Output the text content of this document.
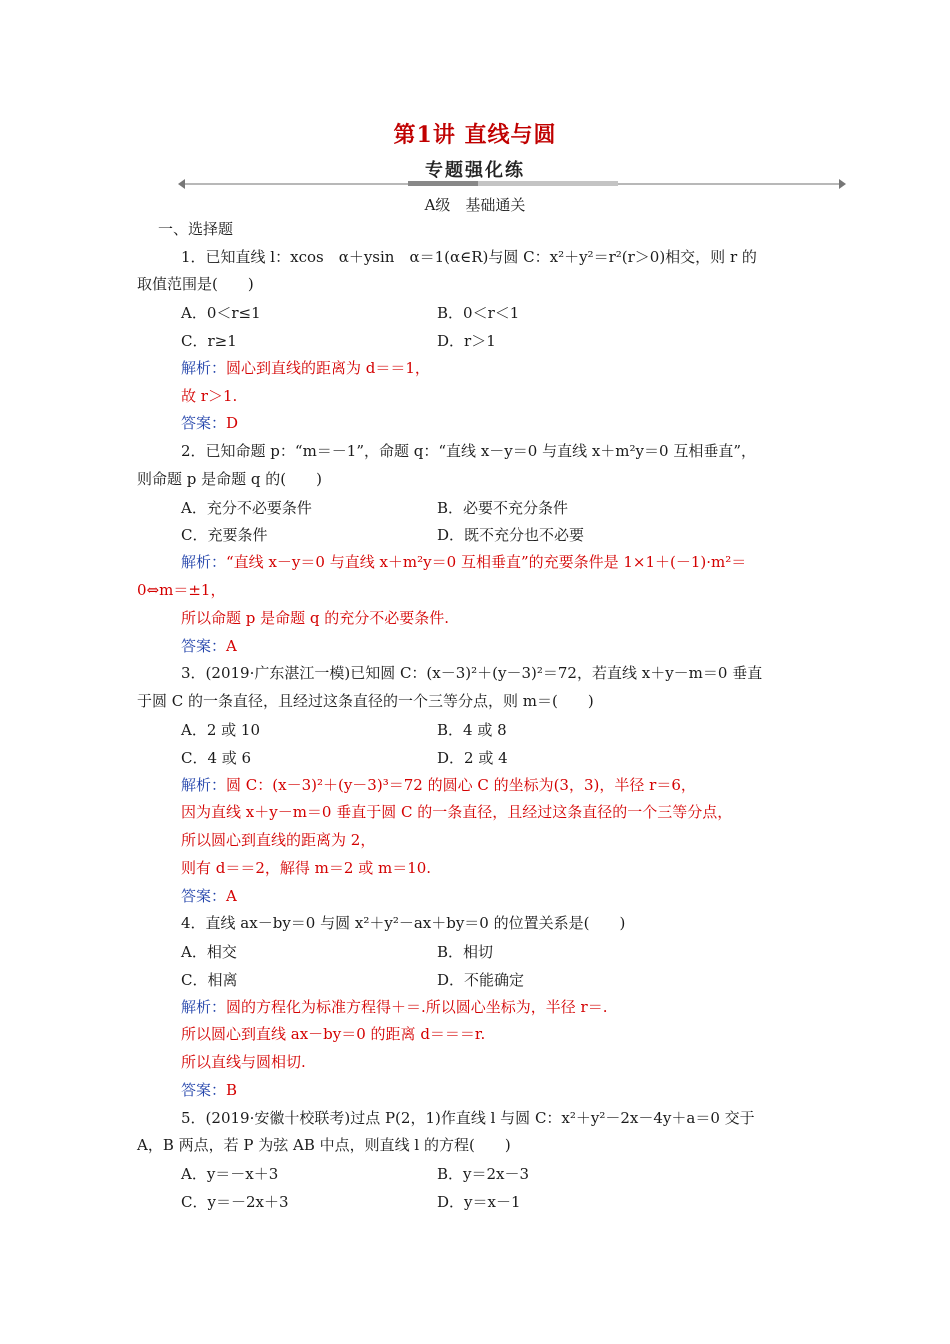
第1讲 直线与圆
专题强化练
A级　基础通关
一、选择题
1．已知直线 l：xcos　α＋ysin　α＝1(α∈R)与圆 C：x²＋y²＝r²(r＞0)相交，则 r 的
取值范围是(　　)
A．0＜r≤1	B．0＜r＜1
C．r≥1	D．r＞1
解析：圆心到直线的距离为 d＝＝1，
故 r＞1.
答案：D
2．已知命题 p：“m＝－1”，命题 q：“直线 x－y＝0 与直线 x＋m²y＝0 互相垂直”，
则命题 p 是命题 q 的(　　)
A．充分不必要条件	B．必要不充分条件
C．充要条件	D．既不充分也不必要
解析：“直线 x－y＝0 与直线 x＋m²y＝0 互相垂直”的充要条件是 1×1＋(－1)·m²＝
0⇔m＝±1，
所以命题 p 是命题 q 的充分不必要条件.
答案：A
3．(2019·广东湛江一模)已知圆 C：(x－3)²＋(y－3)²＝72，若直线 x＋y－m＝0 垂直
于圆 C 的一条直径，且经过这条直径的一个三等分点，则 m＝(　　)
A．2 或 10	B．4 或 8
C．4 或 6	D．2 或 4
解析：圆 C：(x－3)²＋(y－3)³＝72 的圆心 C 的坐标为(3，3)，半径 r＝6，
因为直线 x＋y－m＝0 垂直于圆 C 的一条直径，且经过这条直径的一个三等分点，
所以圆心到直线的距离为 2，
则有 d＝＝2，解得 m＝2 或 m＝10.
答案：A
4．直线 ax－by＝0 与圆 x²＋y²－ax＋by＝0 的位置关系是(　　)
A．相交	B．相切
C．相离	D．不能确定
解析：圆的方程化为标准方程得＋＝.所以圆心坐标为，半径 r＝.
所以圆心到直线 ax－by＝0 的距离 d＝＝＝r.
所以直线与圆相切.
答案：B
5．(2019·安徽十校联考)过点 P(2，1)作直线 l 与圆 C：x²＋y²－2x－4y＋a＝0 交于
A，B 两点，若 P 为弦 AB 中点，则直线 l 的方程(　　)
A．y＝－x＋3	B．y＝2x－3
C．y＝－2x＋3	D．y＝x－1
